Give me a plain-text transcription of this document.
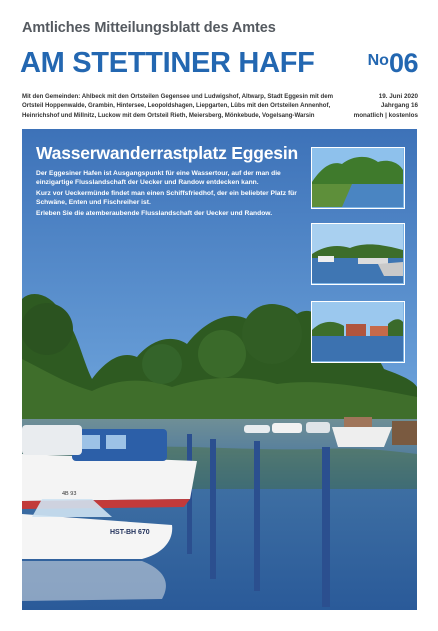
Amtliches Mitteilungsblatt des Amtes
AM STETTINER HAFF	No06
Mit den Gemeinden: Ahlbeck mit den Ortsteilen Gegensee und Ludwigshof, Altwarp, Stadt Eggesin mit dem Ortsteil Hoppenwalde, Grambin, Hintersee, Leopoldshagen, Liepgarten, Lübs mit den Ortsteilen Annenhof, Heinrichshof und Millnitz, Luckow mit dem Ortsteil Rieth, Meiersberg, Mönkebude, Vogelsang-Warsin
19. Juni 2020
Jahrgang 16
monatlich | kostenlos
HST-BH 670
4B 93
Wasserwanderrastplatz Eggesin

Der Eggesiner Hafen ist Ausgangspunkt für eine Wassertour, auf der man die einzigartige Flusslandschaft der Uecker und Randow entdecken kann.

Kurz vor Ueckermünde findet man einen Schiffsfriedhof, der ein beliebter Platz für Schwäne, Enten und Fischreiher ist.

Erleben Sie die atemberaubende Flusslandschaft der Uecker und Randow.
